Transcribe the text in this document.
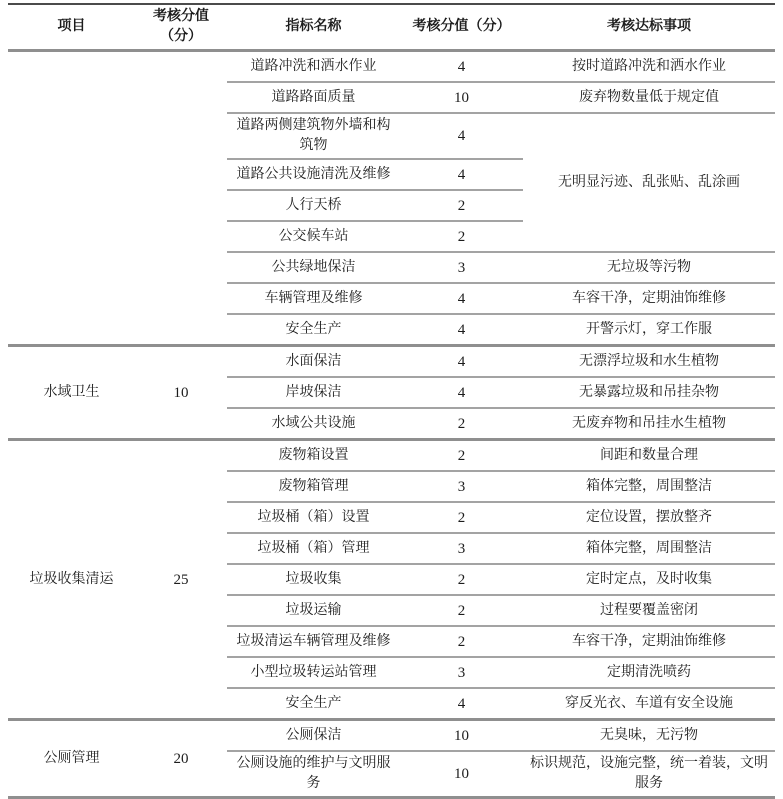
项目	考核分值（分）	指标名称	考核分值（分）	考核达标事项
		道路冲洗和洒水作业	4	按时道路冲洗和洒水作业
		道路路面质量	10	废弃物数量低于规定值
		道路两侧建筑物外墙和构筑物	4	无明显污迹、乱张贴、乱涂画
		道路公共设施清洗及维修	4	
		人行天桥	2	
		公交候车站	2	
		公共绿地保洁	3	无垃圾等污物
		车辆管理及维修	4	车容干净，定期油饰维修
		安全生产	4	开警示灯，穿工作服
水域卫生	10	水面保洁	4	无漂浮垃圾和水生植物
		岸坡保洁	4	无暴露垃圾和吊挂杂物
		水域公共设施	2	无废弃物和吊挂水生植物
垃圾收集清运	25	废物箱设置	2	间距和数量合理
		废物箱管理	3	箱体完整，周围整洁
		垃圾桶（箱）设置	2	定位设置，摆放整齐
		垃圾桶（箱）管理	3	箱体完整，周围整洁
		垃圾收集	2	定时定点，及时收集
		垃圾运输	2	过程要覆盖密闭
		垃圾清运车辆管理及维修	2	车容干净，定期油饰维修
		小型垃圾转运站管理	3	定期清洗喷药
		安全生产	4	穿反光衣、车道有安全设施
公厕管理	20	公厕保洁	10	无臭味，无污物
		公厕设施的维护与文明服务	10	标识规范，设施完整，统一着装，文明服务
